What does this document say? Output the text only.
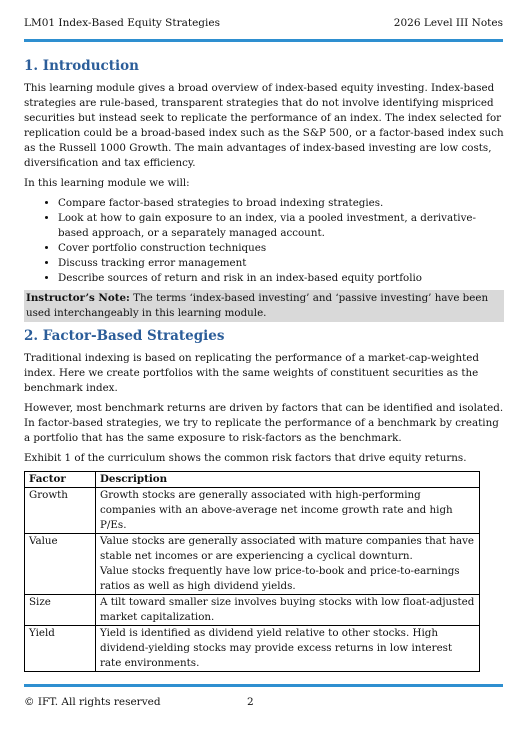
LM01 Index-Based Equity Strategies	2026 Level III Notes
1. Introduction

This learning module gives a broad overview of index-based equity investing. Index-based strategies are rule-based, transparent strategies that do not involve identifying mispriced securities but instead seek to replicate the performance of an index. The index selected for replication could be a broad-based index such as the S&P 500, or a factor-based index such as the Russell 1000 Growth. The main advantages of index-based investing are low costs, diversification and tax efficiency.

In this learning module we will:

• Compare factor-based strategies to broad indexing strategies.
• Look at how to gain exposure to an index, via a pooled investment, a derivative-based approach, or a separately managed account.
• Cover portfolio construction techniques
• Discuss tracking error management
• Describe sources of return and risk in an index-based equity portfolio
Instructor’s Note: The terms ‘index-based investing’ and ‘passive investing’ have been used interchangeably in this learning module.
2. Factor-Based Strategies

Traditional indexing is based on replicating the performance of a market-cap-weighted index. Here we create portfolios with the same weights of constituent securities as the benchmark index.

However, most benchmark returns are driven by factors that can be identified and isolated. In factor-based strategies, we try to replicate the performance of a benchmark by creating a portfolio that has the same exposure to risk-factors as the benchmark.

Exhibit 1 of the curriculum shows the common risk factors that drive equity returns.

Factor	Description
Growth	Growth stocks are generally associated with high-performing companies with an above-average net income growth rate and high P/Es.

Value	Value stocks are generally associated with mature companies that have stable net incomes or are experiencing a cyclical downturn.
Value stocks frequently have low price-to-book and price-to-earnings ratios as well as high dividend yields.

Size	A tilt toward smaller size involves buying stocks with low float-adjusted market capitalization.

Yield	Yield is identified as dividend yield relative to other stocks. High dividend-yielding stocks may provide excess returns in low interest rate environments.
© IFT. All rights reserved	2
